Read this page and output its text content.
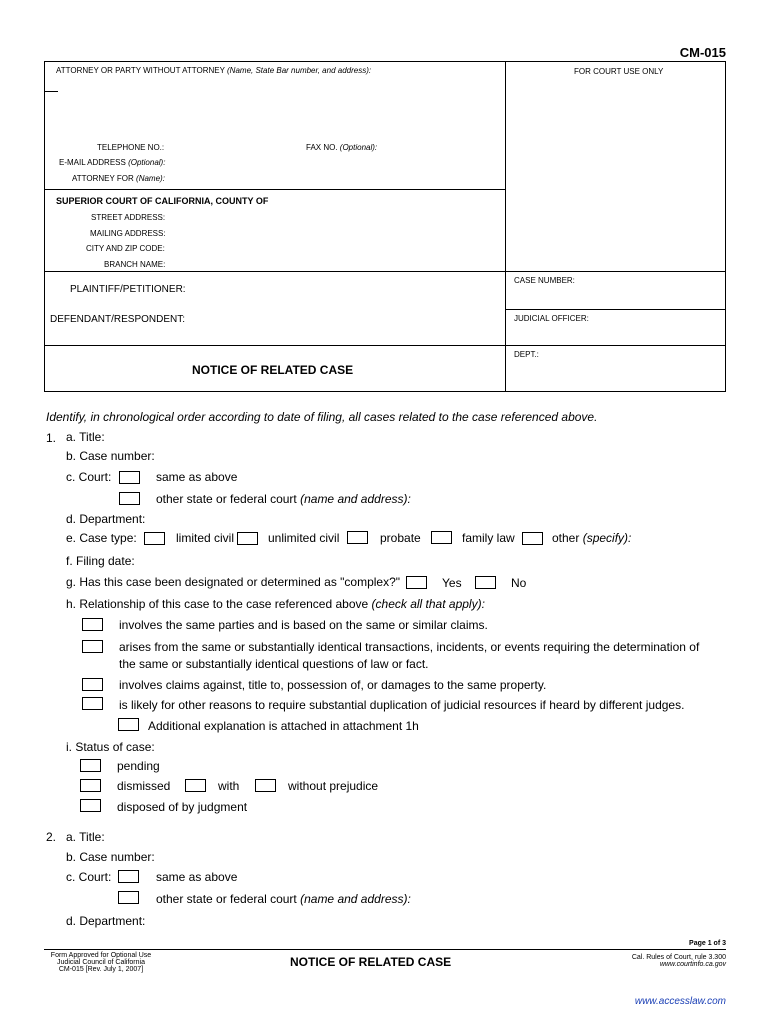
CM-015
ATTORNEY OR PARTY WITHOUT ATTORNEY (Name, State Bar number, and address):	FOR COURT USE ONLY
TELEPHONE NO.:	FAX NO. (Optional):
E-MAIL ADDRESS (Optional):
ATTORNEY FOR (Name):
SUPERIOR COURT OF CALIFORNIA, COUNTY OF
STREET ADDRESS:
MAILING ADDRESS:
CITY AND ZIP CODE:
BRANCH NAME:
PLAINTIFF/PETITIONER:
DEFENDANT/RESPONDENT:
CASE NUMBER:
JUDICIAL OFFICER:
DEPT.:
NOTICE OF RELATED CASE
Identify, in chronological order according to date of filing, all cases related to the case referenced above.
1. a. Title:
b. Case number:
c. Court:	same as above
other state or federal court (name and address):
d. Department:
e. Case type:	limited civil	unlimited civil	probate	family law	other (specify):
f. Filing date:
g. Has this case been designated or determined as "complex?"	Yes	No
h. Relationship of this case to the case referenced above (check all that apply):
involves the same parties and is based on the same or similar claims.
arises from the same or substantially identical transactions, incidents, or events requiring the determination of
the same or substantially identical questions of law or fact.
involves claims against, title to, possession of, or damages to the same property.
is likely for other reasons to require substantial duplication of judicial resources if heard by different judges.
Additional explanation is attached in attachment 1h
i. Status of case:
pending
dismissed	with	without prejudice
disposed of by judgment
2. a. Title:
b. Case number:
c. Court:	same as above
other state or federal court (name and address):
d. Department:
Page 1 of 3
Form Approved for Optional Use
Judicial Council of California
CM-015 [Rev. July 1, 2007]
NOTICE OF RELATED CASE	Cal. Rules of Court, rule 3.300
www.courtinfo.ca.gov
www.accesslaw.com
